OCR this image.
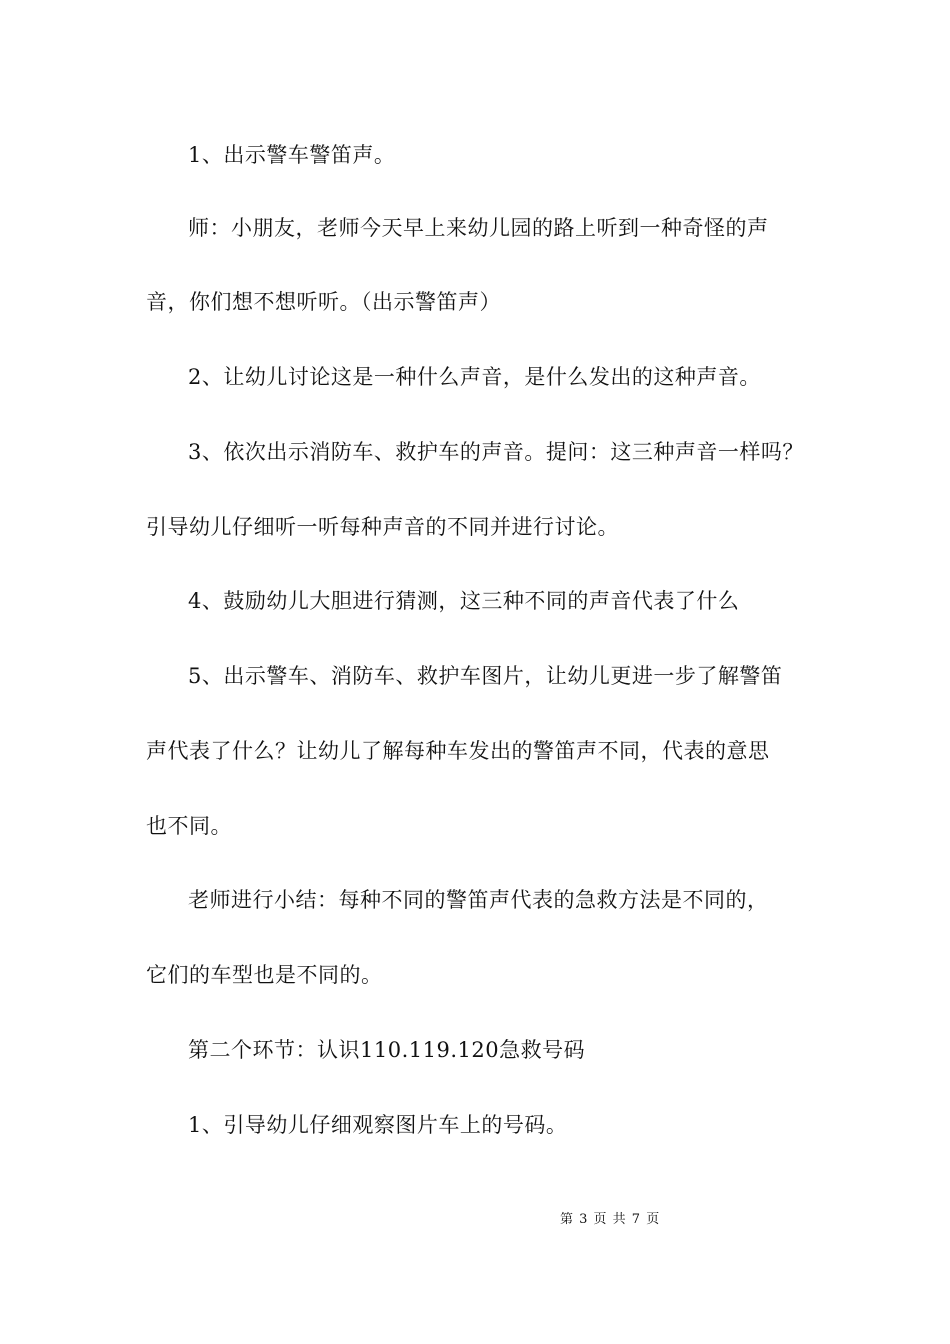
1、出示警车警笛声。
师：小朋友，老师今天早上来幼儿园的路上听到一种奇怪的声
音，你们想不想听听。（出示警笛声）
2、让幼儿讨论这是一种什么声音，是什么发出的这种声音。
3、依次出示消防车、救护车的声音。提问：这三种声音一样吗？
引导幼儿仔细听一听每种声音的不同并进行讨论。
4、鼓励幼儿大胆进行猜测，这三种不同的声音代表了什么
5、出示警车、消防车、救护车图片，让幼儿更进一步了解警笛
声代表了什么？让幼儿了解每种车发出的警笛声不同，代表的意思
也不同。
老师进行小结：每种不同的警笛声代表的急救方法是不同的，
它们的车型也是不同的。
第二个环节：认识110.119.120急救号码
1、引导幼儿仔细观察图片车上的号码。
第 3 页 共 7 页
